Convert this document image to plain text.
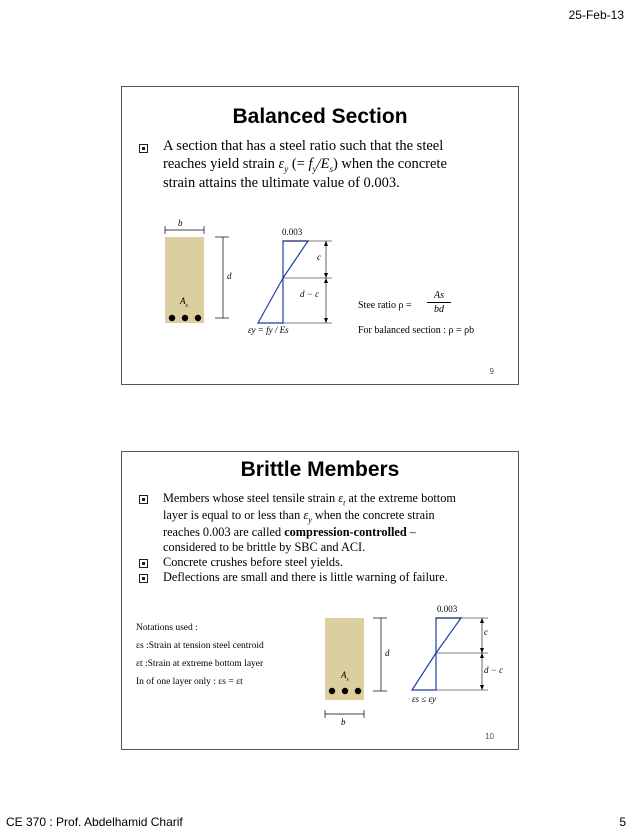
25-Feb-13
Balanced Section
A section that has a steel ratio such that the steel
reaches yield strain $\varepsilon_y$ (= $f_y/E_s$) when the concrete
strain attains the ultimate value of 0.003.
b
d
$A_s$
0.003
c
d − c
εy = fy / Es
Stee ratio $\rho = \frac{As}{bd}$
For balanced section : ρ = ρb
9
Brittle Members
Members whose steel tensile strain $\varepsilon_t$ at the extreme bottom
layer is equal to or less than $\varepsilon_y$ when the concrete strain
reaches 0.003 are called compression-controlled –
considered to be brittle by SBC and ACI.
Concrete crushes before steel yields.
Deflections are small and there is little warning of failure.
Notations used :
εs :Strain at tension steel centroid
εt :Strain at extreme bottom layer
In of one layer only : εs = εt
0.003
c
d
$A_s$
b
d − c
εs ≤ εy
10
CE 370 : Prof. Abdelhamid Charif	5
